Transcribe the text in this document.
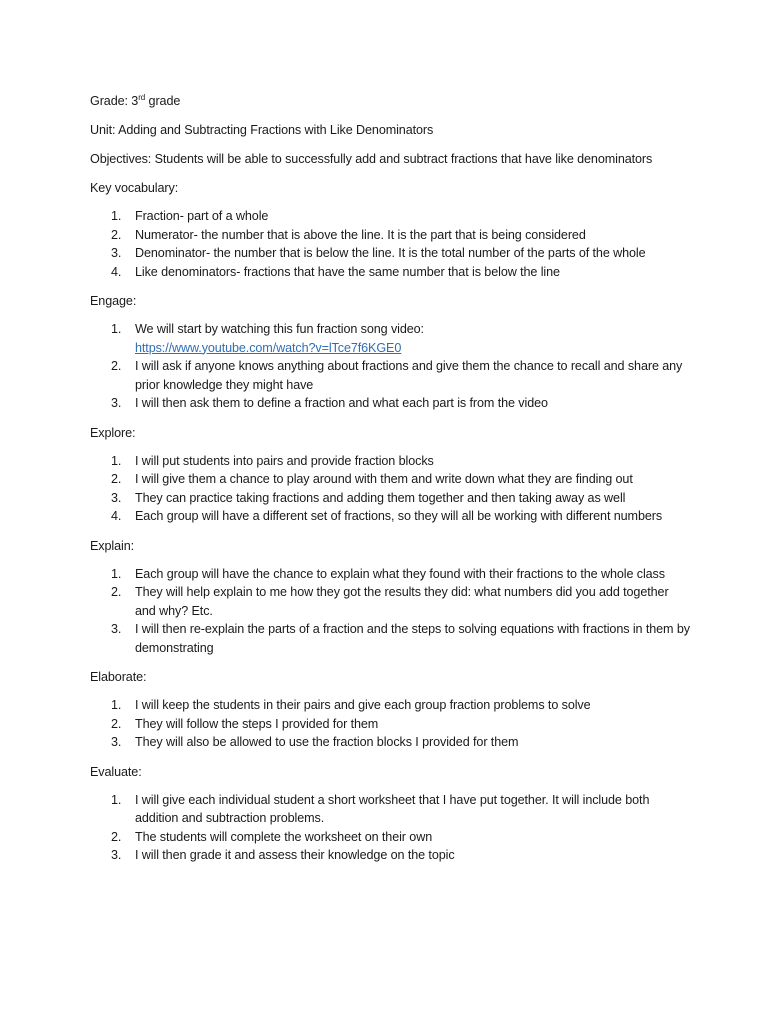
Grade: 3rd grade

Unit: Adding and Subtracting Fractions with Like Denominators

Objectives: Students will be able to successfully add and subtract fractions that have like denominators

Key vocabulary:

1. Fraction- part of a whole
2. Numerator- the number that is above the line. It is the part that is being considered
3. Denominator- the number that is below the line. It is the total number of the parts of the whole
4. Like denominators- fractions that have the same number that is below the line

Engage:

1. We will start by watching this fun fraction song video:
https://www.youtube.com/watch?v=lTce7f6KGE0
2. I will ask if anyone knows anything about fractions and give them the chance to recall and share any prior knowledge they might have
3. I will then ask them to define a fraction and what each part is from the video

Explore:

1. I will put students into pairs and provide fraction blocks
2. I will give them a chance to play around with them and write down what they are finding out
3. They can practice taking fractions and adding them together and then taking away as well
4. Each group will have a different set of fractions, so they will all be working with different numbers

Explain:

1. Each group will have the chance to explain what they found with their fractions to the whole class
2. They will help explain to me how they got the results they did: what numbers did you add together and why? Etc.
3. I will then re-explain the parts of a fraction and the steps to solving equations with fractions in them by demonstrating

Elaborate:

1. I will keep the students in their pairs and give each group fraction problems to solve
2. They will follow the steps I provided for them
3. They will also be allowed to use the fraction blocks I provided for them

Evaluate:

1. I will give each individual student a short worksheet that I have put together. It will include both addition and subtraction problems.
2. The students will complete the worksheet on their own
3. I will then grade it and assess their knowledge on the topic
